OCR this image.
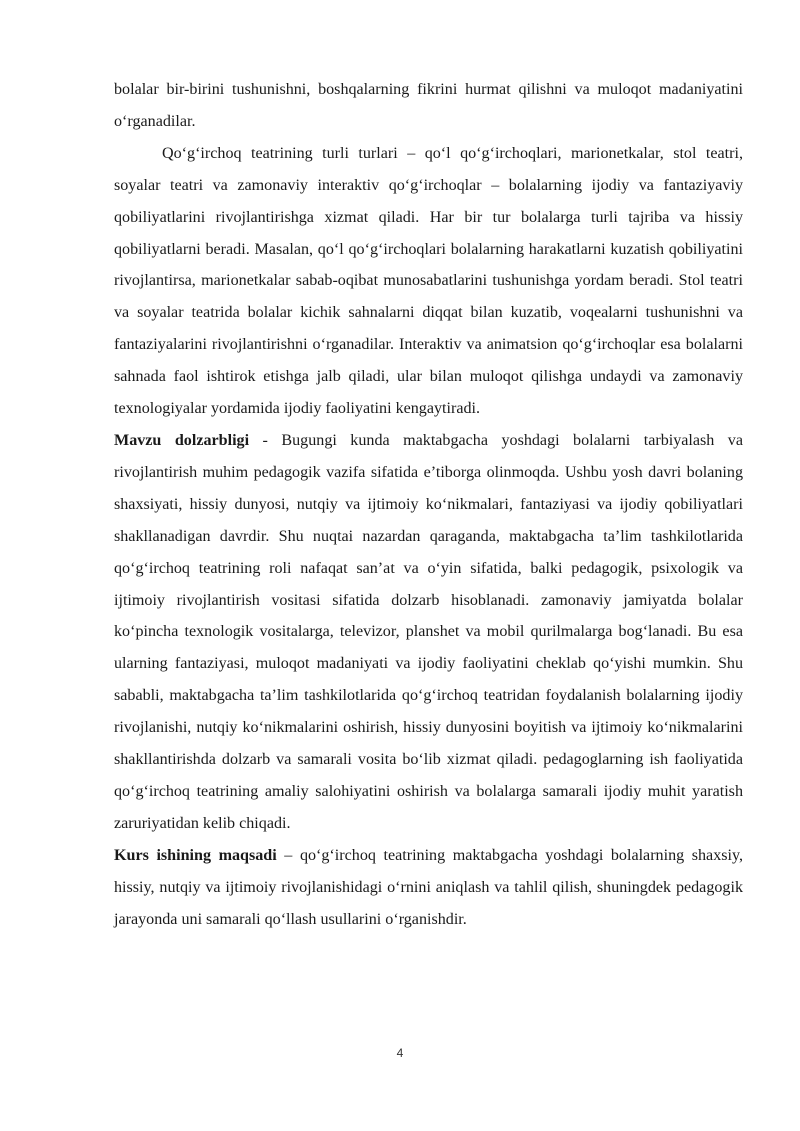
bolalar bir-birini tushunishni, boshqalarning fikrini hurmat qilishni va muloqot madaniyatini o‘rganadilar.

Qo‘g‘irchoq teatrining turli turlari – qo‘l qo‘g‘irchoqlari, marionetkalar, stol teatri, soyalar teatri va zamonaviy interaktiv qo‘g‘irchoqlar – bolalarning ijodiy va fantaziyaviy qobiliyatlarini rivojlantirishga xizmat qiladi. Har bir tur bolalarga turli tajriba va hissiy qobiliyatlarni beradi. Masalan, qo‘l qo‘g‘irchoqlari bolalarning harakatlarni kuzatish qobiliyatini rivojlantirsa, marionetkalar sabab-oqibat munosabatlarini tushunishga yordam beradi. Stol teatri va soyalar teatrida bolalar kichik sahnalarni diqqat bilan kuzatib, voqealarni tushunishni va fantaziyalarini rivojlantirishni o‘rganadilar. Interaktiv va animatsion qo‘g‘irchoqlar esa bolalarni sahnada faol ishtirok etishga jalb qiladi, ular bilan muloqot qilishga undaydi va zamonaviy texnologiyalar yordamida ijodiy faoliyatini kengaytiradi.

Mavzu dolzarbligi - Bugungi kunda maktabgacha yoshdagi bolalarni tarbiyalash va rivojlantirish muhim pedagogik vazifa sifatida e’tiborga olinmoqda. Ushbu yosh davri bolaning shaxsiyati, hissiy dunyosi, nutqiy va ijtimoiy ko‘nikmalari, fantaziyasi va ijodiy qobiliyatlari shakllanadigan davrdir. Shu nuqtai nazardan qaraganda, maktabgacha ta’lim tashkilotlarida qo‘g‘irchoq teatrining roli nafaqat san’at va o‘yin sifatida, balki pedagogik, psixologik va ijtimoiy rivojlantirish vositasi sifatida dolzarb hisoblanadi. zamonaviy jamiyatda bolalar ko‘pincha texnologik vositalarga, televizor, planshet va mobil qurilmalarga bog‘lanadi. Bu esa ularning fantaziyasi, muloqot madaniyati va ijodiy faoliyatini cheklab qo‘yishi mumkin. Shu sababli, maktabgacha ta’lim tashkilotlarida qo‘g‘irchoq teatridan foydalanish bolalarning ijodiy rivojlanishi, nutqiy ko‘nikmalarini oshirish, hissiy dunyosini boyitish va ijtimoiy ko‘nikmalarini shakllantirishda dolzarb va samarali vosita bo‘lib xizmat qiladi. pedagoglarning ish faoliyatida qo‘g‘irchoq teatrining amaliy salohiyatini oshirish va bolalarga samarali ijodiy muhit yaratish zaruriyatidan kelib chiqadi.

Kurs ishining maqsadi – qo‘g‘irchoq teatrining maktabgacha yoshdagi bolalarning shaxsiy, hissiy, nutqiy va ijtimoiy rivojlanishidagi o‘rnini aniqlash va tahlil qilish, shuningdek pedagogik jarayonda uni samarali qo‘llash usullarini o‘rganishdir.

4
